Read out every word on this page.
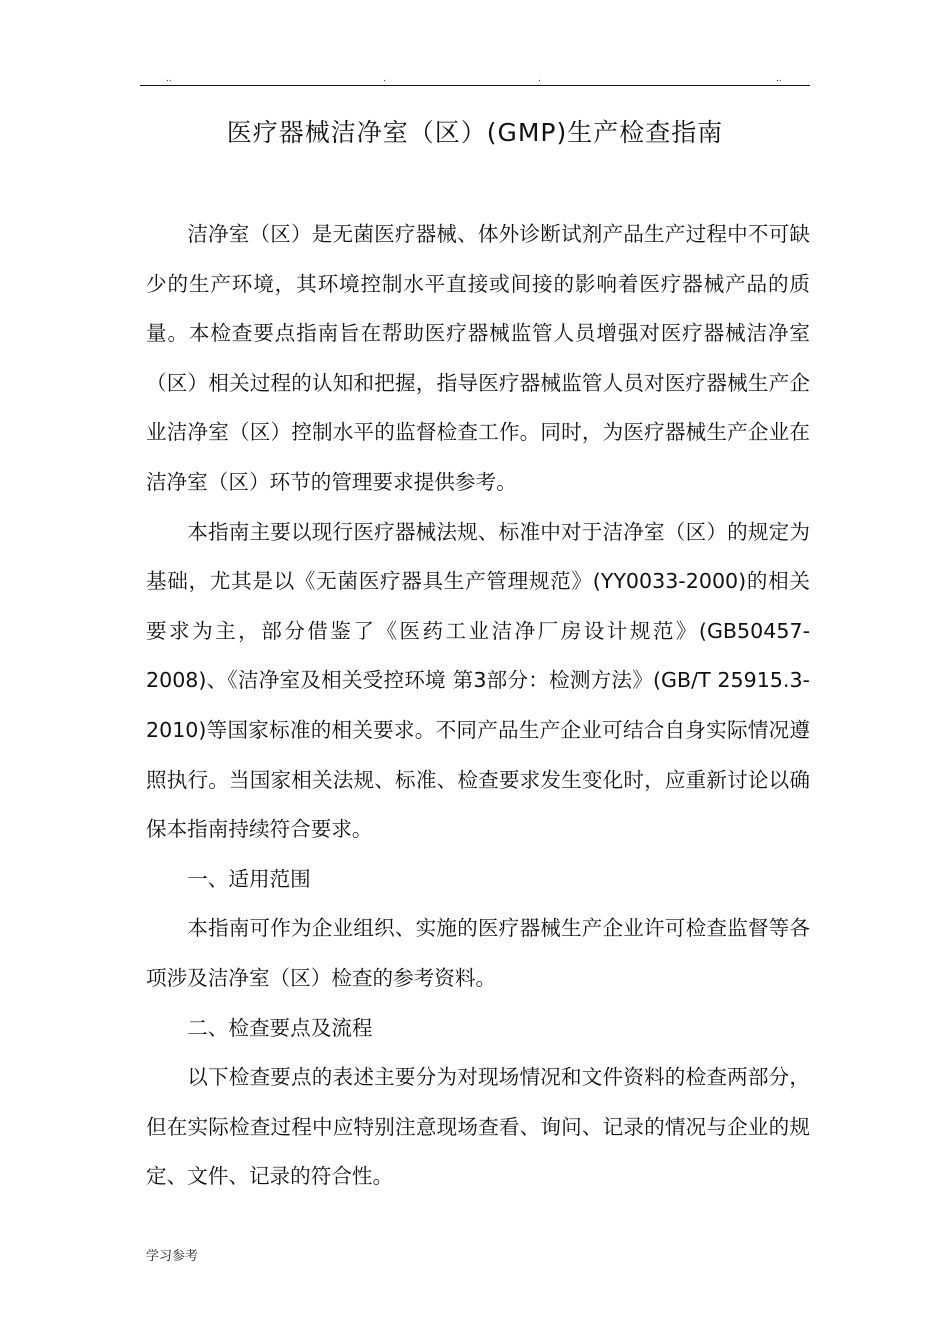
..	.	.	..
医疗器械洁净室（区）(GMP)生产检查指南

洁净室（区）是无菌医疗器械、体外诊断试剂产品生产过程中不可缺少的生产环境，其环境控制水平直接或间接的影响着医疗器械产品的质量。本检查要点指南旨在帮助医疗器械监管人员增强对医疗器械洁净室（区）相关过程的认知和把握，指导医疗器械监管人员对医疗器械生产企业洁净室（区）控制水平的监督检查工作。同时，为医疗器械生产企业在洁净室（区）环节的管理要求提供参考。

本指南主要以现行医疗器械法规、标准中对于洁净室（区）的规定为基础，尤其是以《无菌医疗器具生产管理规范》(YY0033-2000)的相关要求为主，部分借鉴了《医药工业洁净厂房设计规范》(GB50457-2008)、《洁净室及相关受控环境 第3部分：检测方法》(GB/T 25915.3-2010)等国家标准的相关要求。不同产品生产企业可结合自身实际情况遵照执行。当国家相关法规、标准、检查要求发生变化时，应重新讨论以确保本指南持续符合要求。

一、适用范围

本指南可作为企业组织、实施的医疗器械生产企业许可检查监督等各项涉及洁净室（区）检查的参考资料。

二、检查要点及流程

以下检查要点的表述主要分为对现场情况和文件资料的检查两部分，但在实际检查过程中应特别注意现场查看、询问、记录的情况与企业的规定、文件、记录的符合性。

学习参考
